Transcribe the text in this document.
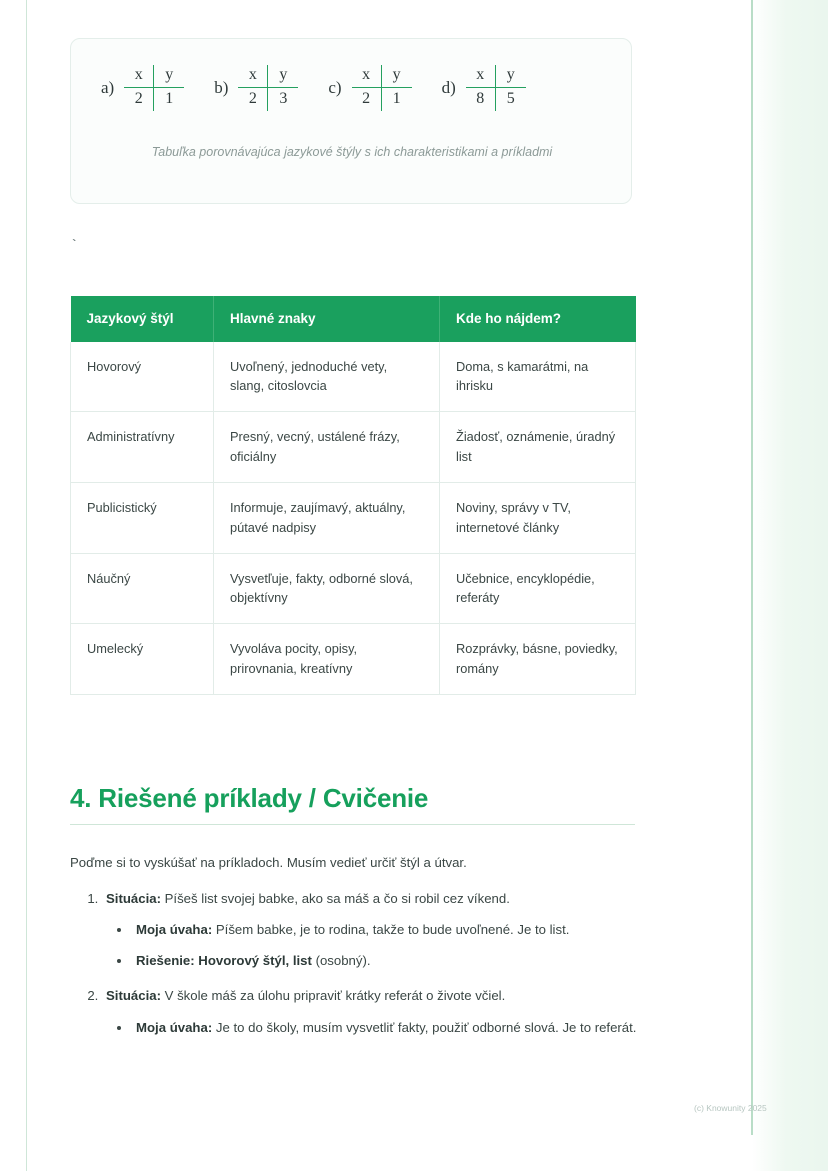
a)
x	y
2	1
b)
x	y
2	3
c)
x	y
2	1
d)
x	y
8	5
Tabuľka porovnávajúca jazykové štýly s ich charakteristikami a príkladmi
`
Jazykový štýl	Hlavné znaky	Kde ho nájdem?
Hovorový	Uvoľnený, jednoduché vety, slang, citoslovcia	Doma, s kamarátmi, na ihrisku
Administratívny	Presný, vecný, ustálené frázy, oficiálny	Žiadosť, oznámenie, úradný list
Publicistický	Informuje, zaujímavý, aktuálny, pútavé nadpisy	Noviny, správy v TV, internetové články
Náučný	Vysvetľuje, fakty, odborné slová, objektívny	Učebnice, encyklopédie, referáty
Umelecký	Vyvoláva pocity, opisy, prirovnania, kreatívny	Rozprávky, básne, poviedky, romány
4. Riešené príklady / Cvičenie
Poďme si to vyskúšať na príkladoch. Musím vedieť určiť štýl a útvar.
1. Situácia: Píšeš list svojej babke, ako sa máš a čo si robil cez víkend.
• Moja úvaha: Píšem babke, je to rodina, takže to bude uvoľnené. Je to list.
• Riešenie: Hovorový štýl, list (osobný).
2. Situácia: V škole máš za úlohu pripraviť krátky referát o živote včiel.
• Moja úvaha: Je to do školy, musím vysvetliť fakty, použiť odborné slová. Je to referát.
(c) Knowunity 2025
